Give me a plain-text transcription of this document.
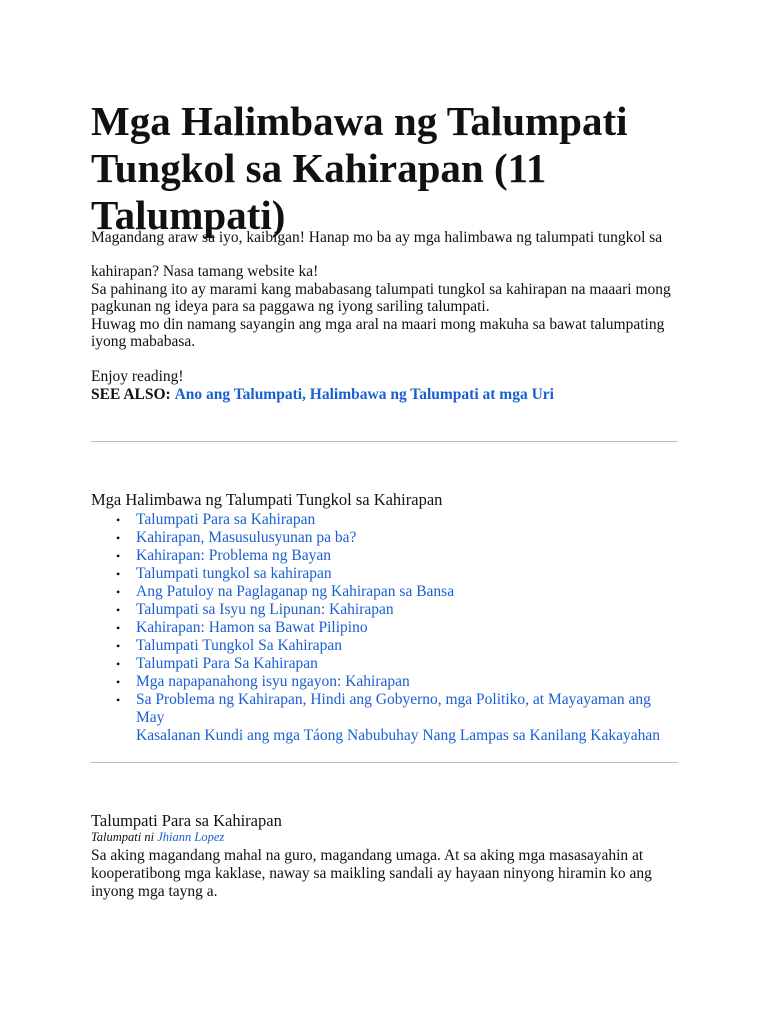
Mga Halimbawa ng Talumpati Tungkol sa Kahirapan (11 Talumpati)
Magandang araw sa iyo, kaibigan! Hanap mo ba ay mga halimbawa ng talumpati tungkol sa
kahirapan? Nasa tamang website ka!
Sa pahinang ito ay marami kang mababasang talumpati tungkol sa kahirapan na maaari mong
pagkunan ng ideya para sa paggawa ng iyong sariling talumpati.
Huwag mo din namang sayangin ang mga aral na maari mong makuha sa bawat talumpating
iyong mababasa.
Enjoy reading!
SEE ALSO: Ano ang Talumpati, Halimbawa ng Talumpati at mga Uri
Mga Halimbawa ng Talumpati Tungkol sa Kahirapan
• Talumpati Para sa Kahirapan
• Kahirapan, Masusulusyunan pa ba?
• Kahirapan: Problema ng Bayan
• Talumpati tungkol sa kahirapan
• Ang Patuloy na Paglaganap ng Kahirapan sa Bansa
• Talumpati sa Isyu ng Lipunan: Kahirapan
• Kahirapan: Hamon sa Bawat Pilipino
• Talumpati Tungkol Sa Kahirapan
• Talumpati Para Sa Kahirapan
• Mga napapanahong isyu ngayon: Kahirapan
• Sa Problema ng Kahirapan, Hindi ang Gobyerno, mga Politiko, at Mayayaman ang May
Kasalanan Kundi ang mga Táong Nabubuhay Nang Lampas sa Kanilang Kakayahan
Talumpati Para sa Kahirapan
Talumpati ni Jhiann Lopez
Sa aking magandang mahal na guro, magandang umaga. At sa aking mga masasayahin at
kooperatibong mga kaklase, naway sa maikling sandali ay hayaan ninyong hiramin ko ang
inyong mga tayng a.
